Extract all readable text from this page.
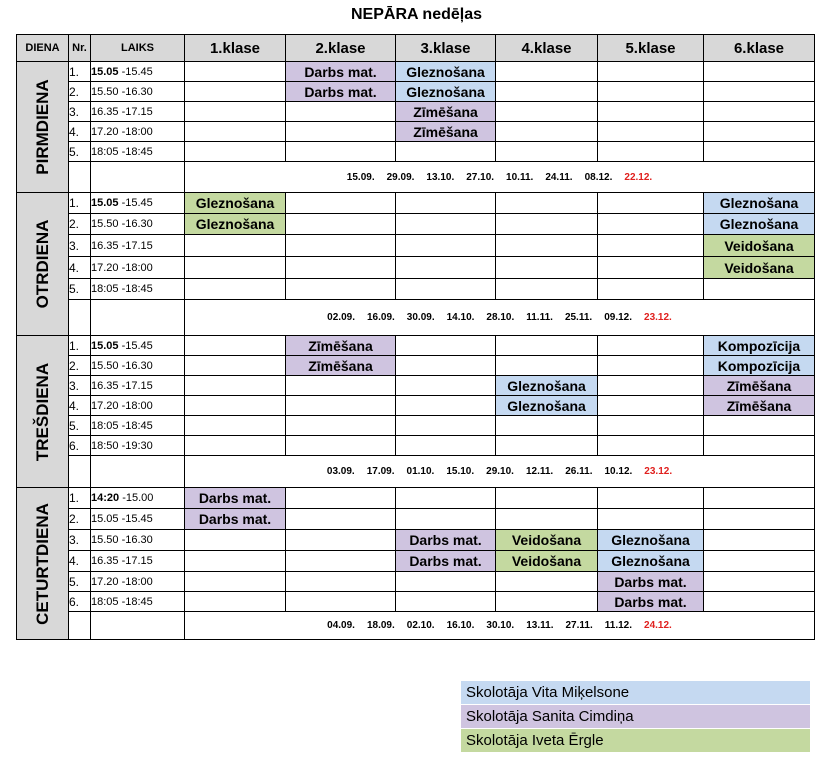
NEPĀRA nedēļas
DIENA	Nr.	LAIKS	1.klase	2.klase	3.klase	4.klase	5.klase	6.klase

PIRMDIENA	1.	15.05 -15.45		Darbs mat.	Gleznošana			
	2.	15.50 -16.30		Darbs mat.	Gleznošana			
	3.	16.35 -17.15			Zīmēšana			
	4.	17.20 -18:00			Zīmēšana			
	5.	18:05 -18:45						
			15.09. 29.09. 13.10. 27.10. 10.11. 24.11. 08.12. 22.12.					

OTRDIENA	1.	15.05 -15.45	Gleznošana					Gleznošana
	2.	15.50 -16.30	Gleznošana					Gleznošana
	3.	16.35 -17.15						Veidošana
	4.	17.20 -18:00						Veidošana
	5.	18:05 -18:45						
			02.09. 16.09. 30.09. 14.10. 28.10. 11.11. 25.11. 09.12. 23.12.					

TREŠDIENA	1.	15.05 -15.45		Zīmēšana				Kompozīcija
	2.	15.50 -16.30		Zīmēšana				Kompozīcija
	3.	16.35 -17.15				Gleznošana		Zīmēšana
	4.	17.20 -18:00				Gleznošana		Zīmēšana
	5.	18:05 -18:45						
	6.	18:50 -19:30						
			03.09. 17.09. 01.10. 15.10. 29.10. 12.11. 26.11. 10.12. 23.12.					

CETURTDIENA	1.	14:20 -15.00	Darbs mat.					
	2.	15.05 -15.45	Darbs mat.					
	3.	15.50 -16.30			Darbs mat.	Veidošana	Gleznošana	
	4.	16.35 -17.15			Darbs mat.	Veidošana	Gleznošana	
	5.	17.20 -18:00					Darbs mat.	
	6.	18:05 -18:45					Darbs mat.	
			04.09. 18.09. 02.10. 16.10. 30.10. 13.11. 27.11. 11.12. 24.12.					
Skolotāja Vita Miķelsone
Skolotāja Sanita Cimdiņa
Skolotāja Iveta Ērgle
